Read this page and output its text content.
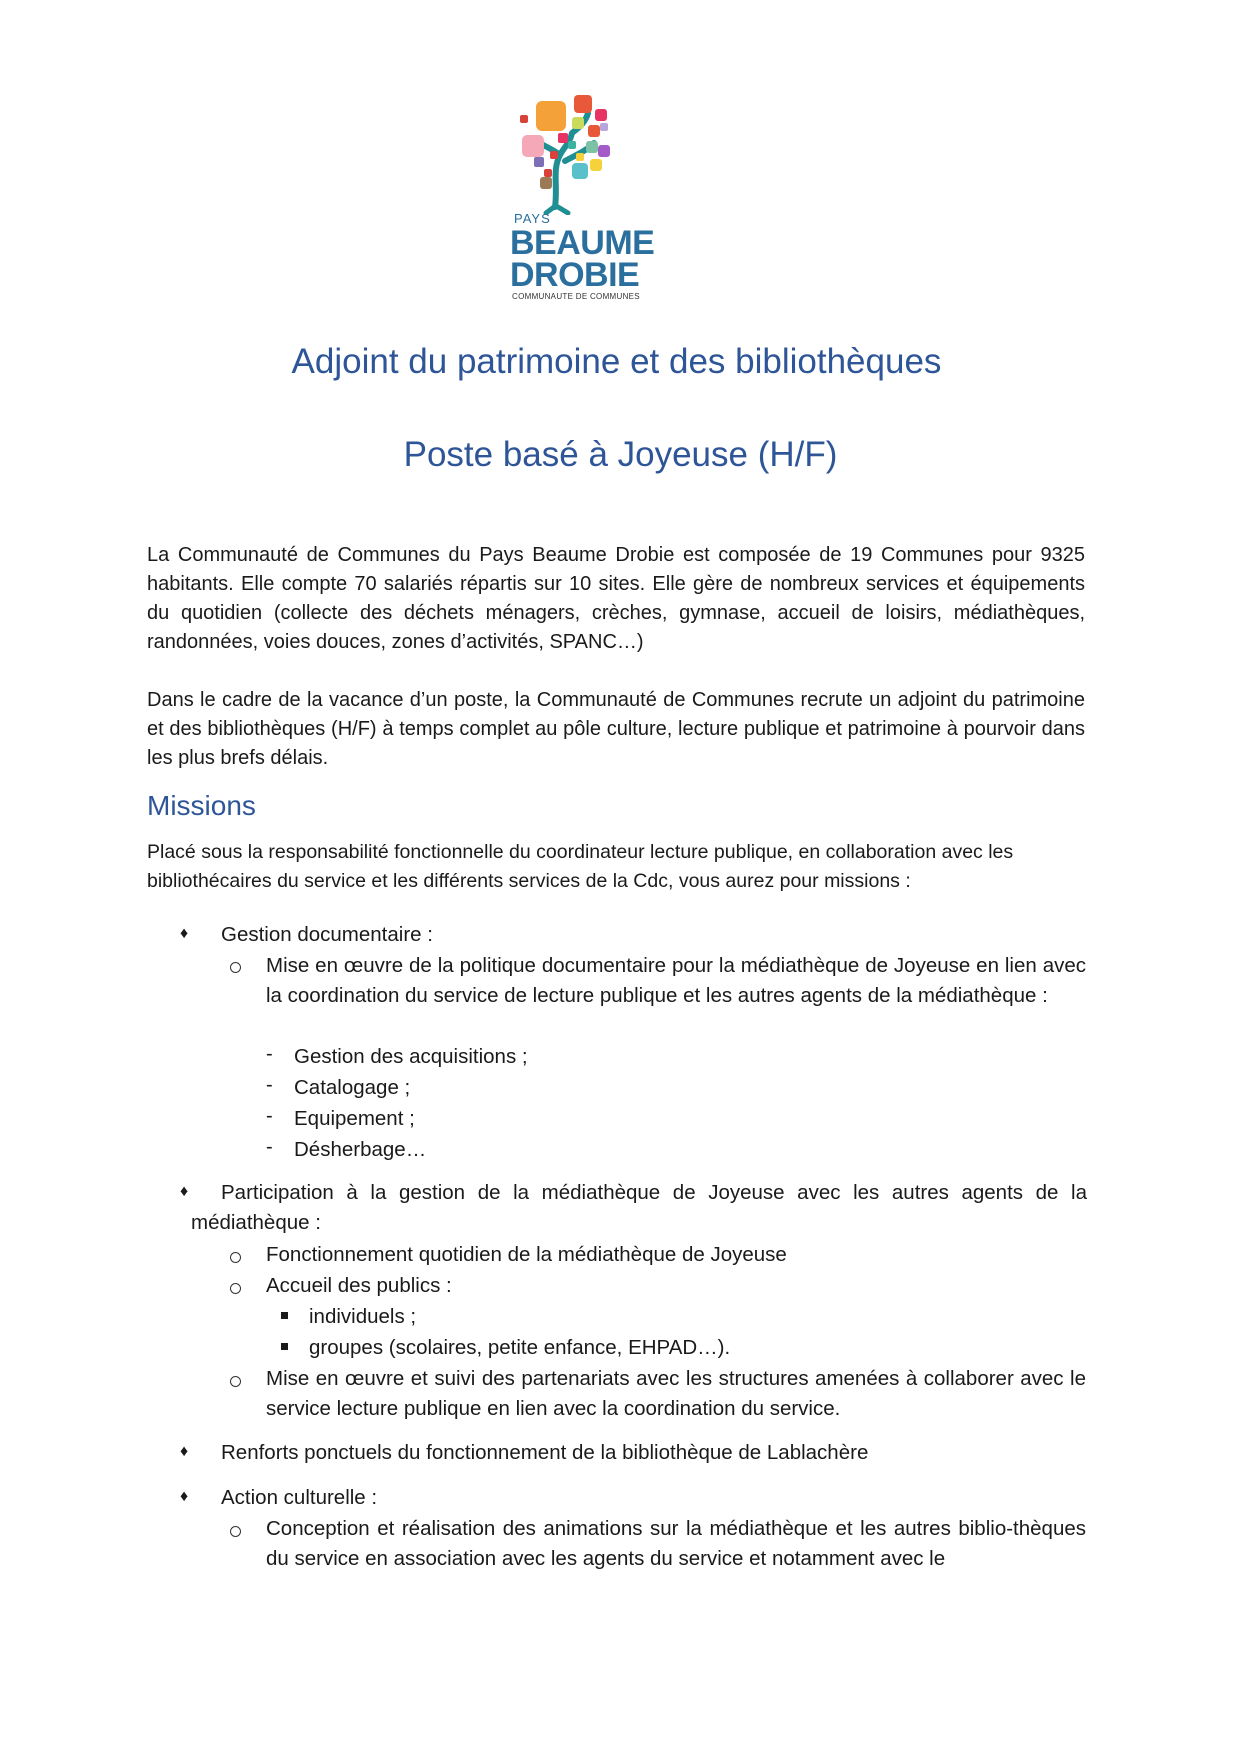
PAYS
BEAUME
DROBIE
COMMUNAUTE DE COMMUNES
Adjoint du patrimoine et des bibliothèques
Poste basé à Joyeuse (H/F)
La Communauté de Communes du Pays Beaume Drobie est composée de 19 Communes pour 9325 habitants. Elle compte 70 salariés répartis sur 10 sites. Elle gère de nombreux services et équipements du quotidien (collecte des déchets ménagers, crèches, gymnase, accueil de loisirs, médiathèques, randonnées, voies douces, zones d’activités, SPANC…)
Dans le cadre de la vacance d’un poste, la Communauté de Communes recrute un adjoint du patrimoine et des bibliothèques (H/F) à temps complet au pôle culture, lecture publique et patrimoine à pourvoir dans les plus brefs délais.
Missions
Placé sous la responsabilité fonctionnelle du coordinateur lecture publique, en collaboration avec les bibliothécaires du service et les différents services de la Cdc, vous aurez pour missions :
♦ Gestion documentaire :
Mise en œuvre de la politique documentaire pour la médiathèque de Joyeuse en lien avec la coordination du service de lecture publique et les autres agents de la médiathèque :
- Gestion des acquisitions ;
- Catalogage ;
- Equipement ;
- Désherbage…
♦	Participation à la gestion de la médiathèque de Joyeuse avec les autres agents de la médiathèque :
Fonctionnement quotidien de la médiathèque de Joyeuse
Accueil des publics :
individuels ;
groupes (scolaires, petite enfance, EHPAD…).
Mise en œuvre et suivi des partenariats avec les structures amenées à collaborer avec le service lecture publique en lien avec la coordination du service.
♦ Renforts ponctuels du fonctionnement de la bibliothèque de Lablachère
♦ Action culturelle :
Conception et réalisation des animations sur la médiathèque et les autres biblio-thèques du service en association avec les agents du service et notamment avec le
